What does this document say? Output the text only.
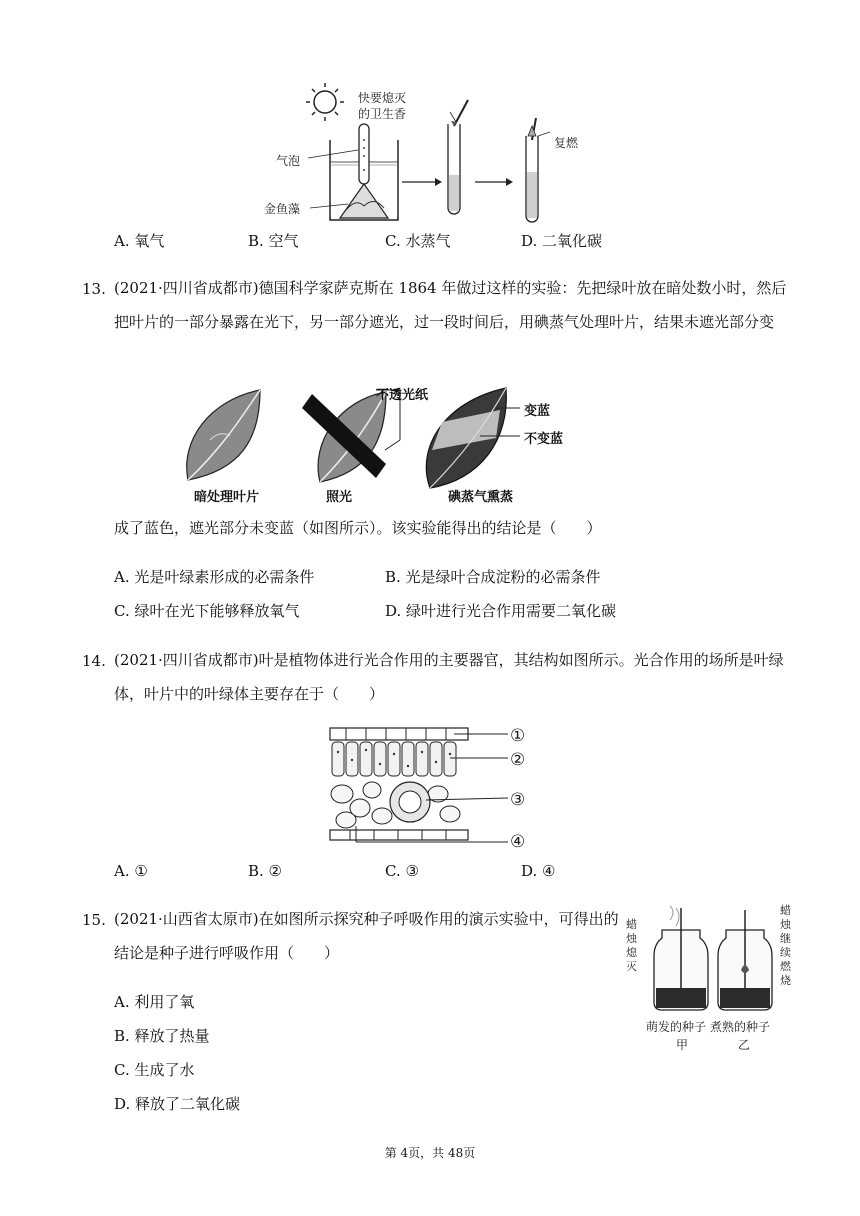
快要熄灭的卫生香
气泡
金鱼藻
复燃
A. 氧气	B. 空气	C. 水蒸气	D. 二氧化碳
13. (2021·四川省成都市)德国科学家萨克斯在 1864 年做过这样的实验：先把绿叶放在暗处数小时，然后
把叶片的一部分暴露在光下，另一部分遮光，过一段时间后，用碘蒸气处理叶片，结果未遮光部分变
不透光纸
变蓝
不变蓝
暗处理叶片	照光	碘蒸气熏蒸
成了蓝色，遮光部分未变蓝（如图所示）。该实验能得出的结论是（　　）
A. 光是叶绿素形成的必需条件	B. 光是绿叶合成淀粉的必需条件
C. 绿叶在光下能够释放氧气	D. 绿叶进行光合作用需要二氧化碳
14. (2021·四川省成都市)叶是植物体进行光合作用的主要器官，其结构如图所示。光合作用的场所是叶绿
体，叶片中的叶绿体主要存在于（　　）
①
②
③
④
A. ①	B. ②	C. ③	D. ④
15. (2021·山西省太原市)在如图所示探究种子呼吸作用的演示实验中，可得出的
结论是种子进行呼吸作用（　　）
蜡烛熄灭
蜡烛继续燃烧
萌发的种子 煮熟的种子
甲	乙
A. 利用了氧
B. 释放了热量
C. 生成了水
D. 释放了二氧化碳
第 4页，共 48页
